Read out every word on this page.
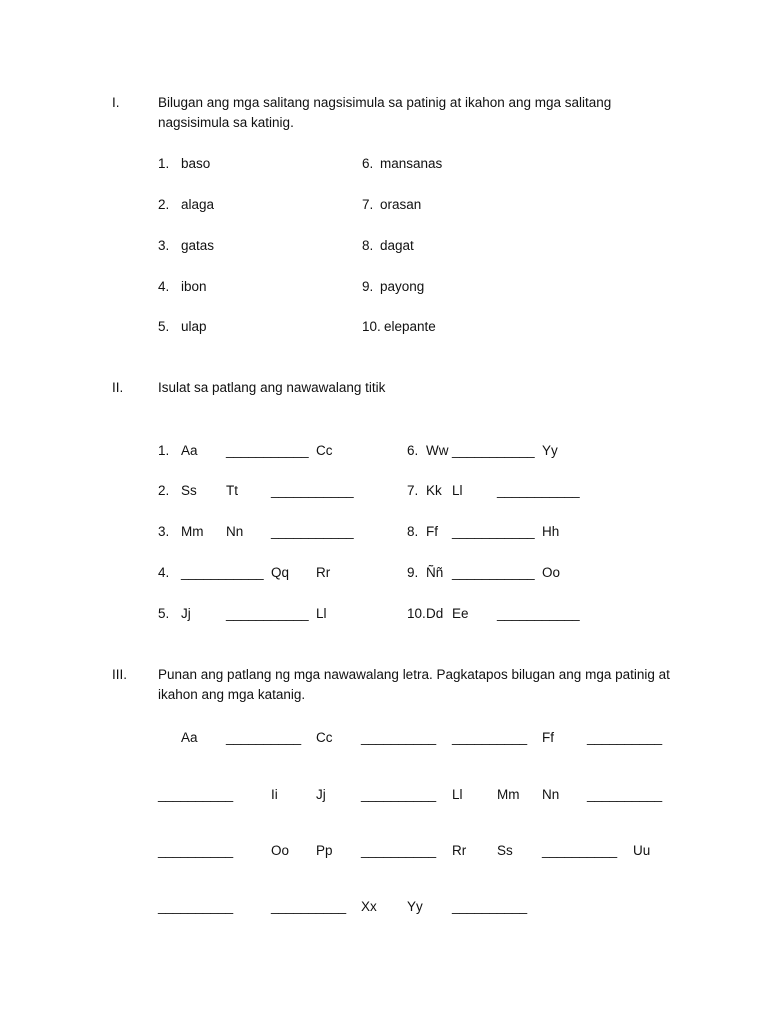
I.	Bilugan ang mga salitang nagsisimula sa patinig at ikahon ang mga salitang
nagsisimula sa katinig.
1. baso
2. alaga
3. gatas
4. ibon
5. ulap
6. mansanas
7. orasan
8. dagat
9. payong
10. elepante
II.	Isulat sa patlang ang nawawalang titik
1. Aa ___________ Cc
2. Ss Tt ___________
3. Mm Nn ___________
4. ___________ Qq Rr
5. Jj	___________ Ll
6. Ww ___________ Yy
7. Kk Ll	___________
8. Ff ___________ Hh
9. Ññ ___________ Oo
10. Dd Ee ___________
III. Punan ang patlang ng mga nawawalang letra. Pagkatapos bilugan ang mga patinig at
ikahon ang mga katanig.
Aa __________ Cc __________ __________ Ff __________
__________	Ii	Jj	__________ Ll	Mm Nn __________
__________	Oo Pp __________ Rr Ss __________ Uu
__________	__________ Xx Yy __________
